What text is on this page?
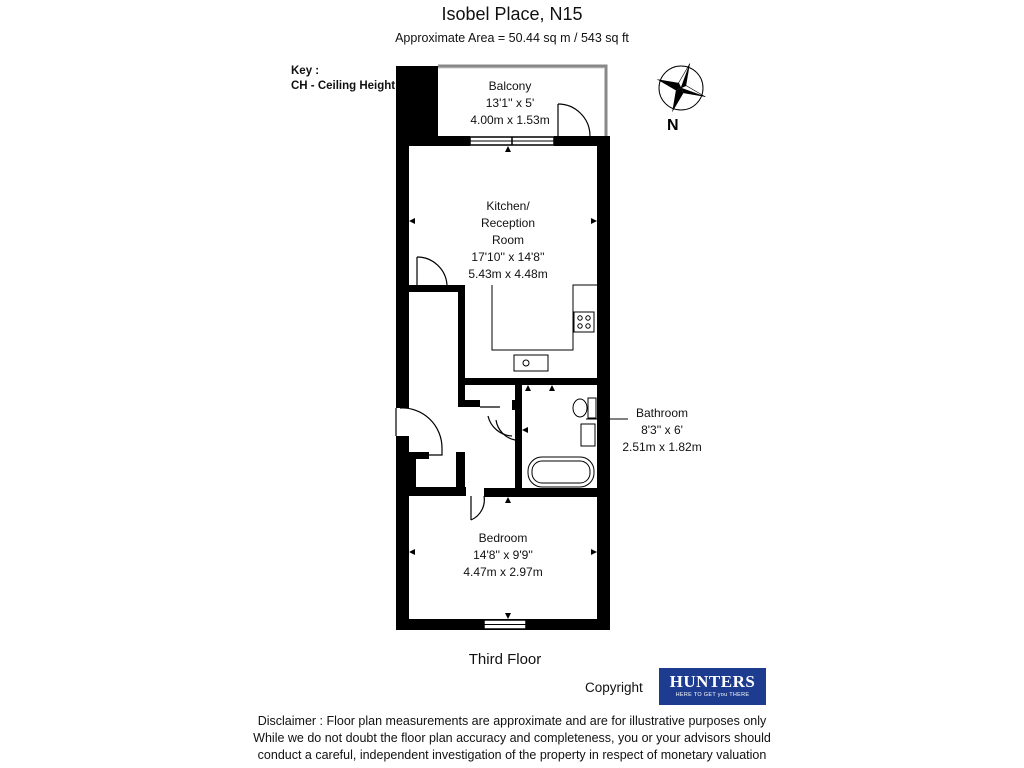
Isobel Place, N15
Approximate Area = 50.44 sq m / 543 sq ft
Key :
CH - Ceiling Height	Balcony
13'1'' x 5'
4.00m x 1.53m
Kitchen/
Reception
Room
17'10'' x 14'8''
5.43m x 4.48m
Bathroom
8'3'' x 6'
2.51m x 1.82m
Bedroom
14'8'' x 9'9''
4.47m x 2.97m
N
Third Floor
Copyright	HUNTERS
HERE TO GET you THERE
Disclaimer : Floor plan measurements are approximate and are for illustrative purposes only
While we do not doubt the floor plan accuracy and completeness, you or your advisors should
conduct a careful, independent investigation of the property in respect of monetary valuation
